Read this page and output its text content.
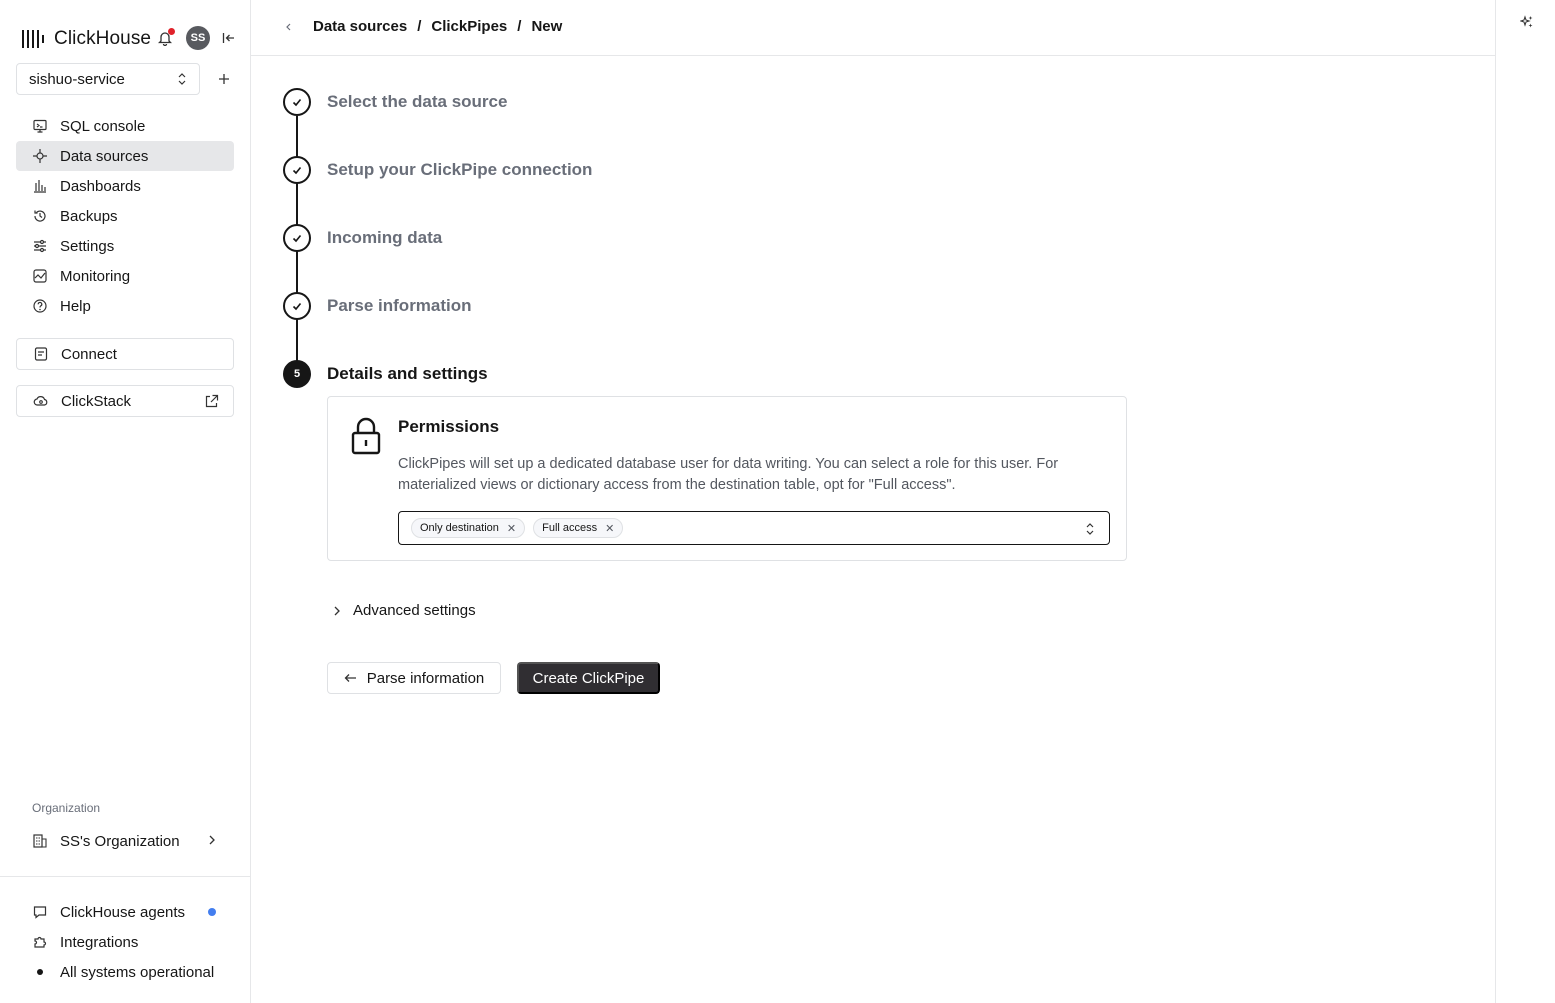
ClickHouse	SS
sishuo-service
SQL console
Data sources
Dashboards
Backups
Settings
Monitoring
Help
Connect
ClickStack
Organization
SS's Organization
ClickHouse agents
Integrations
All systems operational
Data sources / ClickPipes / New
Select the data source
Setup your ClickPipe connection
Incoming data
Parse information
5	Details and settings
Permissions

ClickPipes will set up a dedicated database user for data writing. You can select a role for this user. For materialized views or dictionary access from the destination table, opt for "Full access".

Only destination ✕ Full access ✕
Advanced settings
Parse information	Create ClickPipe
